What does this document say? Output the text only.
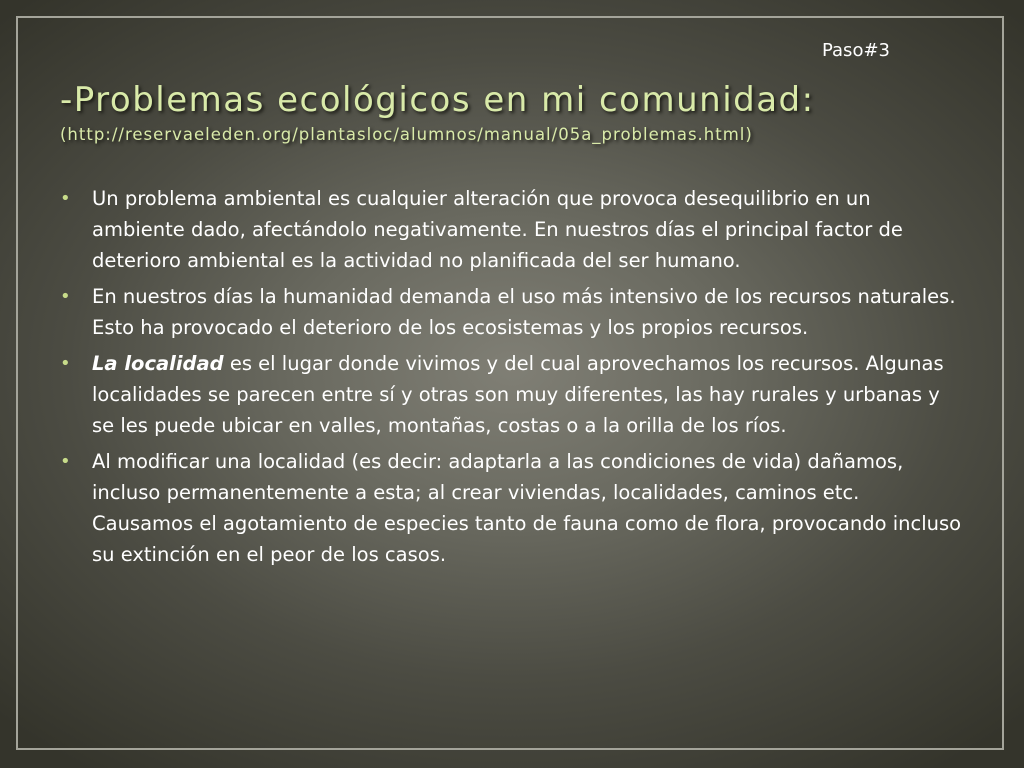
Paso#3
-Problemas ecológicos en mi comunidad:
(http://reservaeleden.org/plantasloc/alumnos/manual/05a_problemas.html)
• Un problema ambiental es cualquier alteración que provoca desequilibrio en un ambiente dado, afectándolo negativamente. En nuestros días el principal factor de deterioro ambiental es la actividad no planificada del ser humano.
• En nuestros días la humanidad demanda el uso más intensivo de los recursos naturales. Esto ha provocado el deterioro de los ecosistemas y los propios recursos.
• La localidad es el lugar donde vivimos y del cual aprovechamos los recursos. Algunas localidades se parecen entre sí y otras son muy diferentes, las hay rurales y urbanas y se les puede ubicar en valles, montañas, costas o a la orilla de los ríos.
• Al modificar una localidad (es decir: adaptarla a las condiciones de vida) dañamos, incluso permanentemente a esta; al crear viviendas, localidades, caminos etc. Causamos el agotamiento de especies tanto de fauna como de flora, provocando incluso su extinción en el peor de los casos.
